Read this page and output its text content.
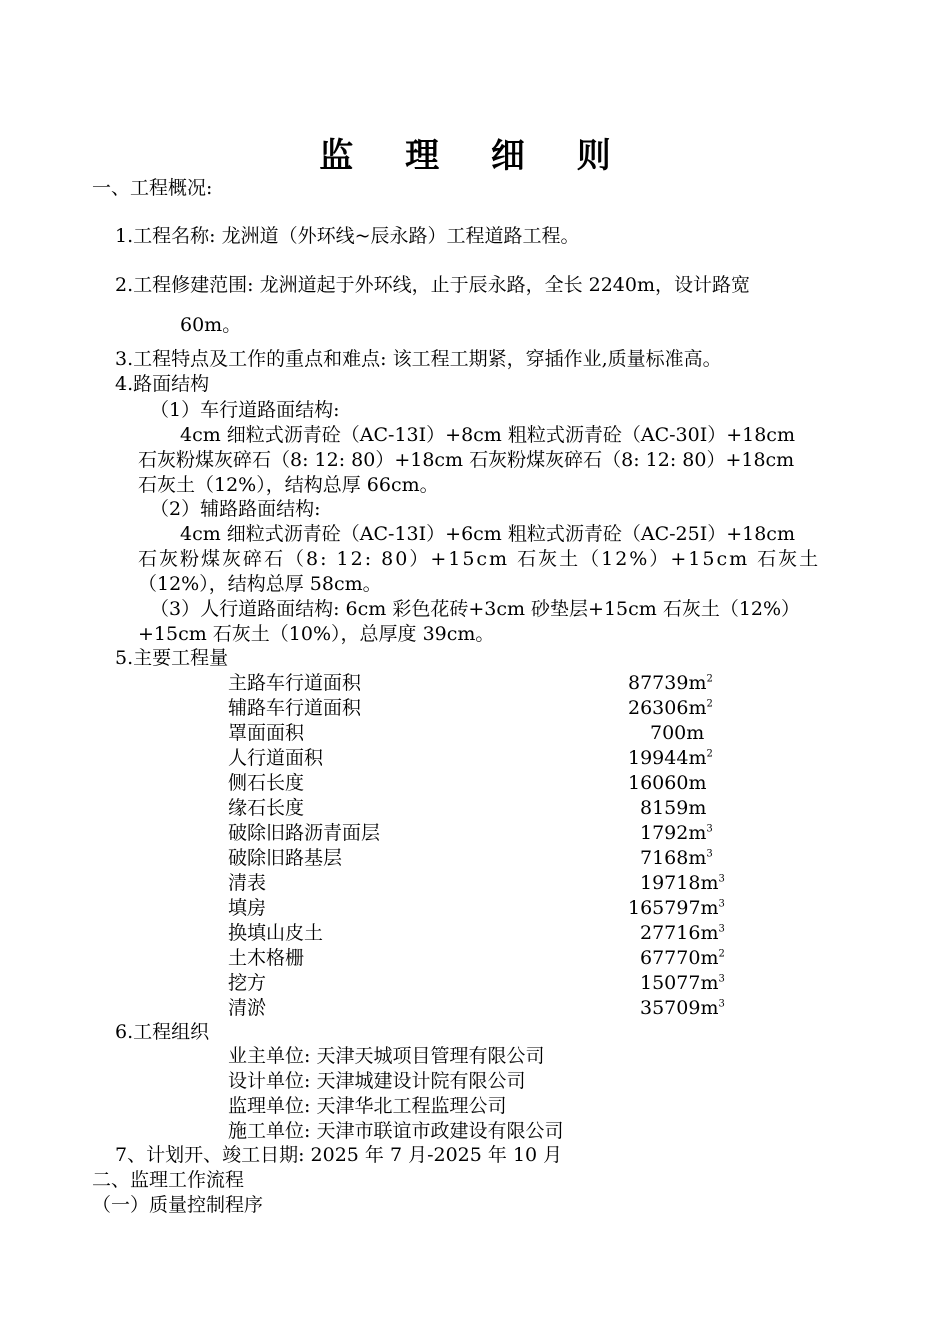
监 理 细 则
一、工程概况:
1.工程名称: 龙洲道（外环线~辰永路）工程道路工程。
2.工程修建范围: 龙洲道起于外环线，止于辰永路，全长 2240m，设计路宽
60m。
3.工程特点及工作的重点和难点: 该工程工期紧，穿插作业,质量标准高。
4.路面结构
（1）车行道路面结构:
4cm 细粒式沥青砼（AC-13Ⅰ）+8cm 粗粒式沥青砼（AC-30Ⅰ）+18cm
石灰粉煤灰碎石（8: 12: 80）+18cm 石灰粉煤灰碎石（8: 12: 80）+18cm
石灰土（12%），结构总厚 66cm。
（2）辅路路面结构:
4cm 细粒式沥青砼（AC-13Ⅰ）+6cm 粗粒式沥青砼（AC-25Ⅰ）+18cm
石灰粉煤灰碎石（8: 12: 80）+15cm 石灰土（12%）+15cm 石灰土
（12%），结构总厚 58cm。
（3）人行道路面结构: 6cm 彩色花砖+3cm 砂垫层+15cm 石灰土（12%）
+15cm 石灰土（10%），总厚度 39cm。
5.主要工程量
主路车行道面积	$87739m^2$
辅路车行道面积	$26306m^2$
罩面面积	700m
人行道面积	$19944m^2$
侧石长度	16060m
缘石长度	8159m
破除旧路沥青面层	$1792m^3$
破除旧路基层	$7168m^3$
清表	$19718m^3$
填房	$165797m^3$
换填山皮土	$27716m^3$
土木格栅	$67770m^2$
挖方	$15077m^3$
清淤	$35709m^3$
6.工程组织
业主单位: 天津天城项目管理有限公司
设计单位: 天津城建设计院有限公司
监理单位: 天津华北工程监理公司
施工单位: 天津市联谊市政建设有限公司
7、计划开、竣工日期: 2025 年 7 月-2025 年 10 月
二、监理工作流程
（一）质量控制程序
